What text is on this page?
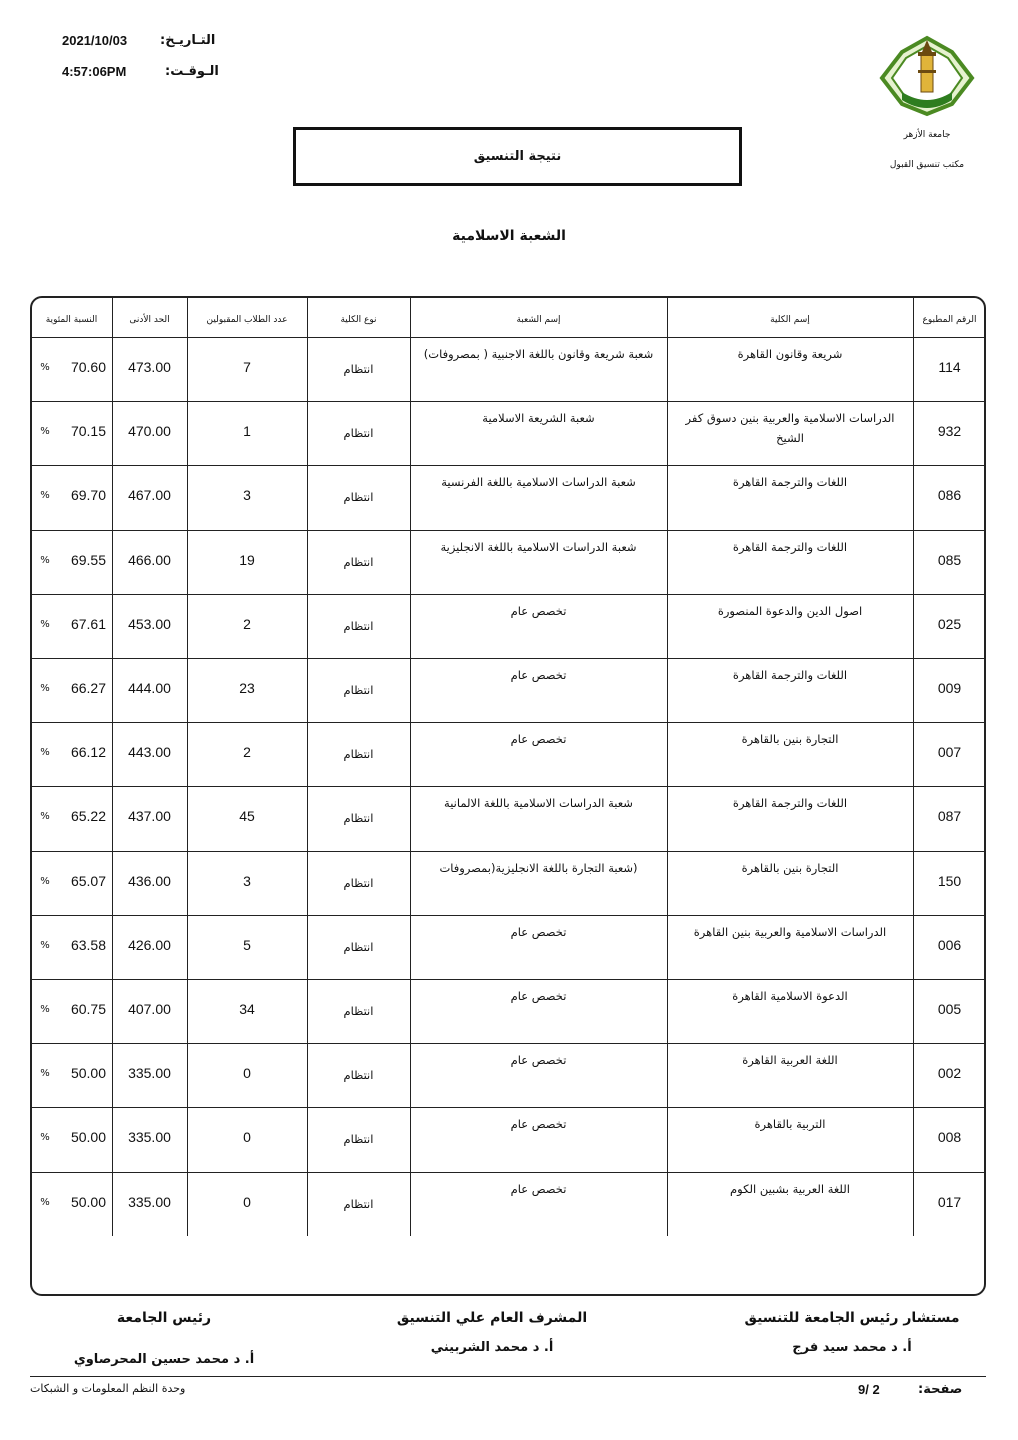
2021/10/03	التـاريـخ:
4:57:06PM	الـوقـت:
جامعة الأزهر
مكتب تنسيق القبول
نتيجة التنسيق
الشعبة الاسلامية
الرقم المطبوع
إسم الكلية
إسم الشعبة
نوع الكلية
عدد الطلاب المقبولين
الحد الأدنى
النسبة المئوية
114
شريعة وقانون القاهرة
شعبة شريعة وقانون باللغة الاجنبية ( بمصروفات)
انتظام
7
473.00
70.60
%
932
الدراسات الاسلامية والعربية بنين دسوق كفر الشيخ
شعبة الشريعة الاسلامية
انتظام
1
470.00
70.15
%
086
اللغات والترجمة القاهرة
شعبة الدراسات الاسلامية باللغة الفرنسية
انتظام
3
467.00
69.70
%
085
اللغات والترجمة القاهرة
شعبة الدراسات الاسلامية باللغة الانجليزية
انتظام
19
466.00
69.55
%
025
اصول الدين والدعوة المنصورة
تخصص عام
انتظام
2
453.00
67.61
%
009
اللغات والترجمة القاهرة
تخصص عام
انتظام
23
444.00
66.27
%
007
التجارة بنين بالقاهرة
تخصص عام
انتظام
2
443.00
66.12
%
087
اللغات والترجمة القاهرة
شعبة الدراسات الاسلامية باللغة الالمانية
انتظام
45
437.00
65.22
%
150
التجارة بنين بالقاهرة
(شعبة التجارة باللغة الانجليزية(بمصروفات
انتظام
3
436.00
65.07
%
006
الدراسات الاسلامية والعربية بنين القاهرة
تخصص عام
انتظام
5
426.00
63.58
%
005
الدعوة الاسلامية القاهرة
تخصص عام
انتظام
34
407.00
60.75
%
002
اللغة العربية القاهرة
تخصص عام
انتظام
0
335.00
50.00
%
008
التربية بالقاهرة
تخصص عام
انتظام
0
335.00
50.00
%
017
اللغة العربية بشبين الكوم
تخصص عام
انتظام
0
335.00
50.00
%
مستشار رئيس الجامعة للتنسيق
أ. د محمد سيد فرج
المشرف العام علي التنسيق
أ. د محمد الشربيني
رئيس الجامعة
أ. د محمد حسين المحرصاوي
صفحة:
9/ 2
وحدة النظم المعلومات و الشبكات
